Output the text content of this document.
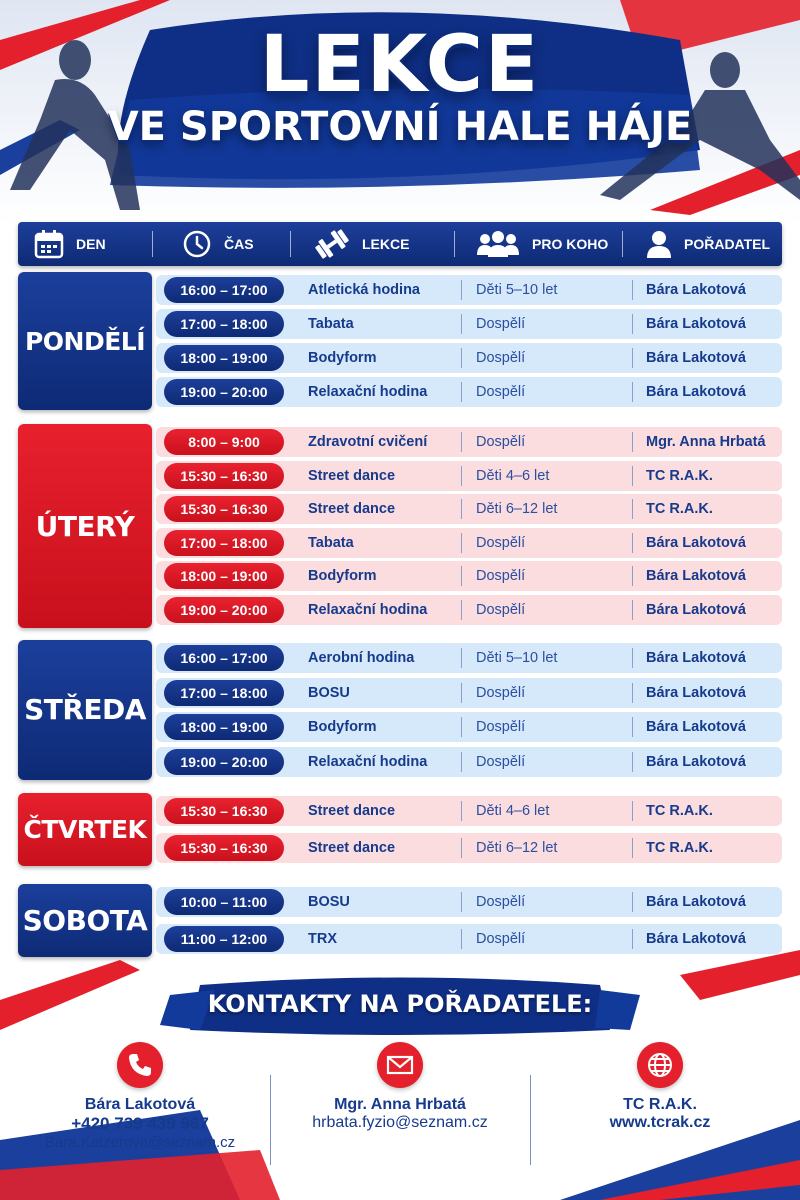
LEKCE
VE SPORTOVNÍ HALE HÁJE
DEN	ČAS	LEKCE	PRO KOHO	POŘADATEL
PONDĚLÍ
16:00 – 17:00	Atletická hodina	Děti 5–10 let	Bára Lakotová
17:00 – 18:00	Tabata	Dospělí	Bára Lakotová
18:00 – 19:00	Bodyform	Dospělí	Bára Lakotová
19:00 – 20:00	Relaxační hodina	Dospělí	Bára Lakotová
ÚTERÝ
8:00 – 9:00	Zdravotní cvičení	Dospělí	Mgr. Anna Hrbatá
15:30 – 16:30	Street dance	Děti 4–6 let	TC R.A.K.
15:30 – 16:30	Street dance	Děti 6–12 let	TC R.A.K.
17:00 – 18:00	Tabata	Dospělí	Bára Lakotová
18:00 – 19:00	Bodyform	Dospělí	Bára Lakotová
19:00 – 20:00	Relaxační hodina	Dospělí	Bára Lakotová
STŘEDA
16:00 – 17:00	Aerobní hodina	Děti 5–10 let	Bára Lakotová
17:00 – 18:00	BOSU	Dospělí	Bára Lakotová
18:00 – 19:00	Bodyform	Dospělí	Bára Lakotová
19:00 – 20:00	Relaxační hodina	Dospělí	Bára Lakotová
ČTVRTEK
15:30 – 16:30	Street dance	Děti 4–6 let	TC R.A.K.
15:30 – 16:30	Street dance	Děti 6–12 let	TC R.A.K.
SOBOTA
10:00 – 11:00	BOSU	Dospělí	Bára Lakotová
11:00 – 12:00	TRX	Dospělí	Bára Lakotová
KONTAKTY NA POŘADATELE:
Bára Lakotová
+420 739 439 967
Bara.Katzerova@seznam.cz
Mgr. Anna Hrbatá
hrbata.fyzio@seznam.cz
TC R.A.K.
www.tcrak.cz
